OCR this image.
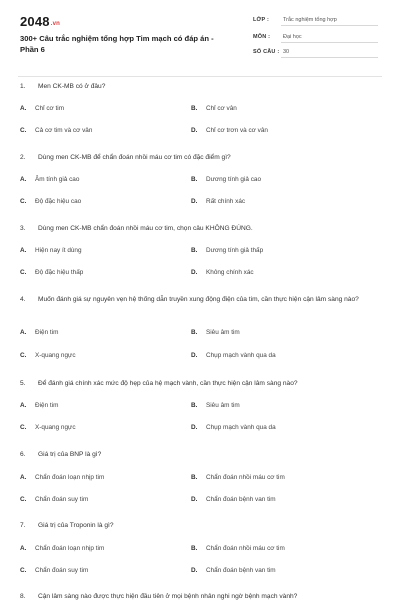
2048.vn
300+ Câu trắc nghiệm tổng hợp Tim mạch có đáp án - Phần 6
LỚP :	Trắc nghiệm tổng hợp
MÔN : Đại học
SỐ CÂU : 30
1.	Men CK-MB có ở đâu?
A. Chỉ cơ tim	B. Chỉ cơ vân
C. Cả cơ tim và cơ vân	D. Chỉ cơ trơn và cơ vân
2.	Dùng men CK-MB để chẩn đoán nhồi máu cơ tim có đặc điểm gì?
A. Âm tính giả cao	B. Dương tính giả cao
C. Độ đặc hiệu cao	D. Rất chính xác
3.	Dùng men CK-MB chẩn đoán nhồi máu cơ tim, chọn câu KHÔNG ĐÚNG.
A. Hiện nay ít dùng	B. Dương tính giả thấp
C. Độ đặc hiệu thấp	D. Không chính xác
4.	Muốn đánh giá sự nguyên vẹn hệ thống dẫn truyền xung động điện của tim, cần thực hiện cận lâm sàng nào?
A. Điện tim	B. Siêu âm tim
C. X-quang ngực	D. Chụp mạch vành qua da
5.	Để đánh giá chính xác mức độ hẹp của hệ mạch vành, cần thực hiện cận lâm sàng nào?
A. Điện tim	B. Siêu âm tim
C. X-quang ngực	D. Chụp mạch vành qua da
6.	Giá trị của BNP là gì?
A. Chẩn đoán loạn nhịp tim	B. Chẩn đoán nhồi máu cơ tim
C. Chẩn đoán suy tim	D. Chẩn đoán bệnh van tim
7.	Giá trị của Troponin là gì?
A. Chẩn đoán loạn nhịp tim	B. Chẩn đoán nhồi máu cơ tim
C. Chẩn đoán suy tim	D. Chẩn đoán bệnh van tim
8.	Cận lâm sàng nào được thực hiện đầu tiên ở mọi bệnh nhân nghi ngờ bệnh mạch vành?
